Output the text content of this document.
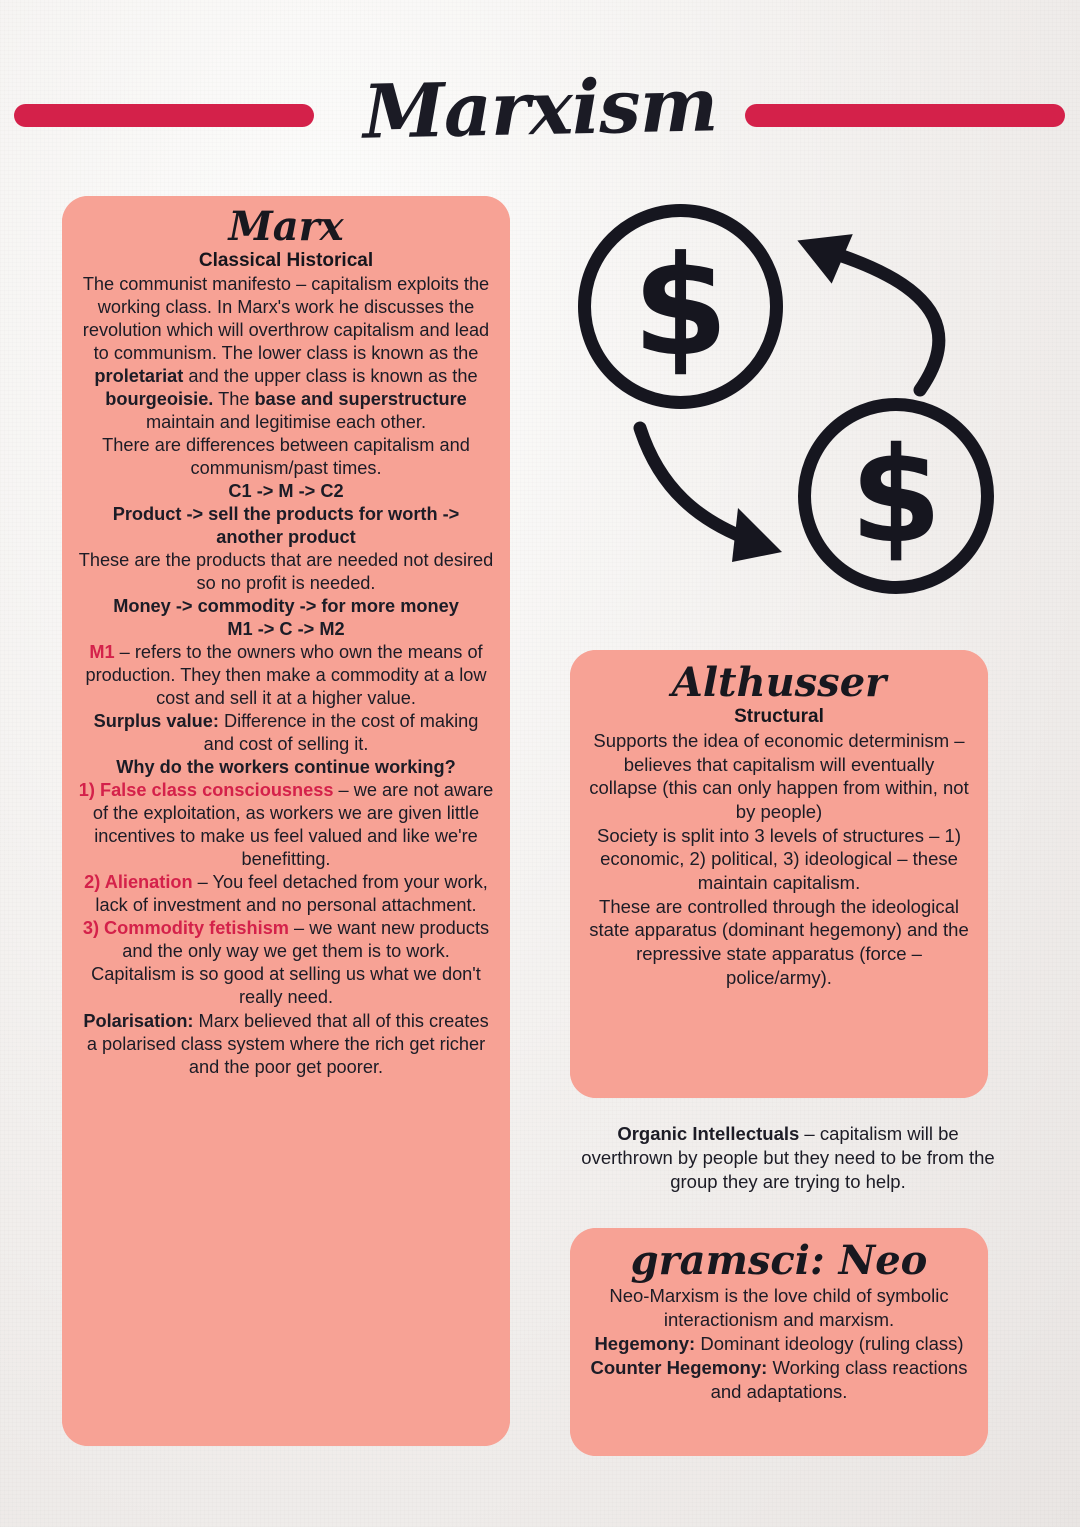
Marxism
Marx
Classical Historical

The communist manifesto – capitalism exploits the working class. In Marx's work he discusses the revolution which will overthrow capitalism and lead to communism. The lower class is known as the proletariat and the upper class is known as the bourgeoisie. The base and superstructure maintain and legitimise each other.

There are differences between capitalism and communism/past times.

C1 -> M -> C2

Product -> sell the products for worth -> another product

These are the products that are needed not desired so no profit is needed.

Money -> commodity -> for more money

M1 -> C -> M2

M1 – refers to the owners who own the means of production. They then make a commodity at a low cost and sell it at a higher value.

Surplus value: Difference in the cost of making and cost of selling it.

Why do the workers continue working?

1) False class consciousness – we are not aware of the exploitation, as workers we are given little incentives to make us feel valued and like we're benefitting.

2) Alienation – You feel detached from your work, lack of investment and no personal attachment.

3) Commodity fetishism – we want new products and the only way we get them is to work. Capitalism is so good at selling us what we don't really need.

Polarisation: Marx believed that all of this creates a polarised class system where the rich get richer and the poor get poorer.

$
$
Althusser
Structural

Supports the idea of economic determinism – believes that capitalism will eventually collapse (this can only happen from within, not by people)

Society is split into 3 levels of structures – 1) economic, 2) political, 3) ideological – these maintain capitalism.

These are controlled through the ideological state apparatus (dominant hegemony) and the repressive state apparatus (force – police/army).

Organic Intellectuals – capitalism will be overthrown by people but they need to be from the group they are trying to help.
gramsci: Neo

Neo-Marxism is the love child of symbolic interactionism and marxism.

Hegemony: Dominant ideology (ruling class)

Counter Hegemony: Working class reactions and adaptations.
